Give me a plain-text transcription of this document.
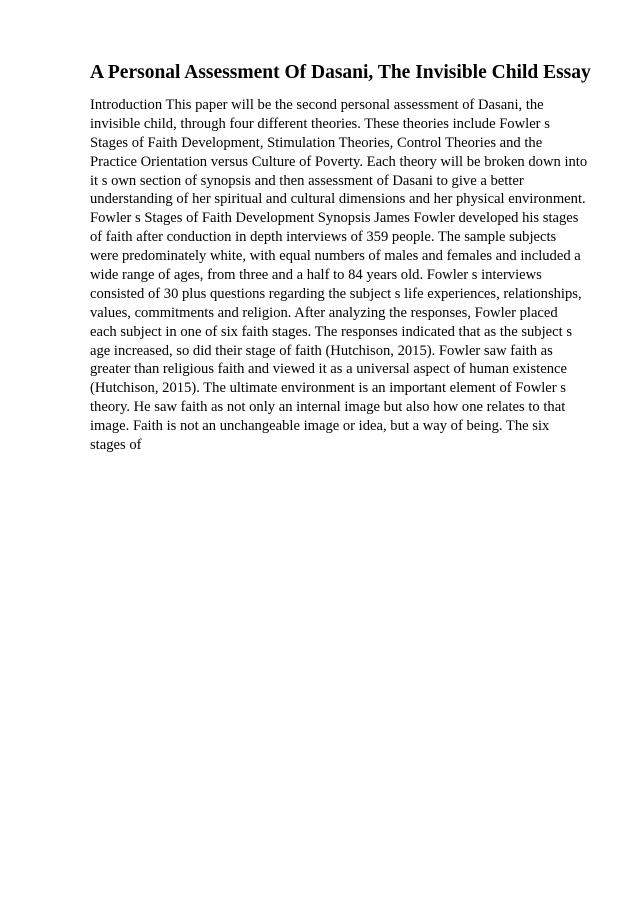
A Personal Assessment Of Dasani, The Invisible Child Essay
Introduction This paper will be the second personal assessment of Dasani, the
invisible child, through four different theories. These theories include Fowler s
Stages of Faith Development, Stimulation Theories, Control Theories and the
Practice Orientation versus Culture of Poverty. Each theory will be broken down into
it s own section of synopsis and then assessment of Dasani to give a better
understanding of her spiritual and cultural dimensions and her physical environment.
Fowler s Stages of Faith Development Synopsis James Fowler developed his stages
of faith after conduction in depth interviews of 359 people. The sample subjects
were predominately white, with equal numbers of males and females and included a
wide range of ages, from three and a half to 84 years old. Fowler s interviews
consisted of 30 plus questions regarding the subject s life experiences, relationships,
values, commitments and religion. After analyzing the responses, Fowler placed
each subject in one of six faith stages. The responses indicated that as the subject s
age increased, so did their stage of faith (Hutchison, 2015). Fowler saw faith as
greater than religious faith and viewed it as a universal aspect of human existence
(Hutchison, 2015). The ultimate environment is an important element of Fowler s
theory. He saw faith as not only an internal image but also how one relates to that
image. Faith is not an unchangeable image or idea, but a way of being. The six
stages of
